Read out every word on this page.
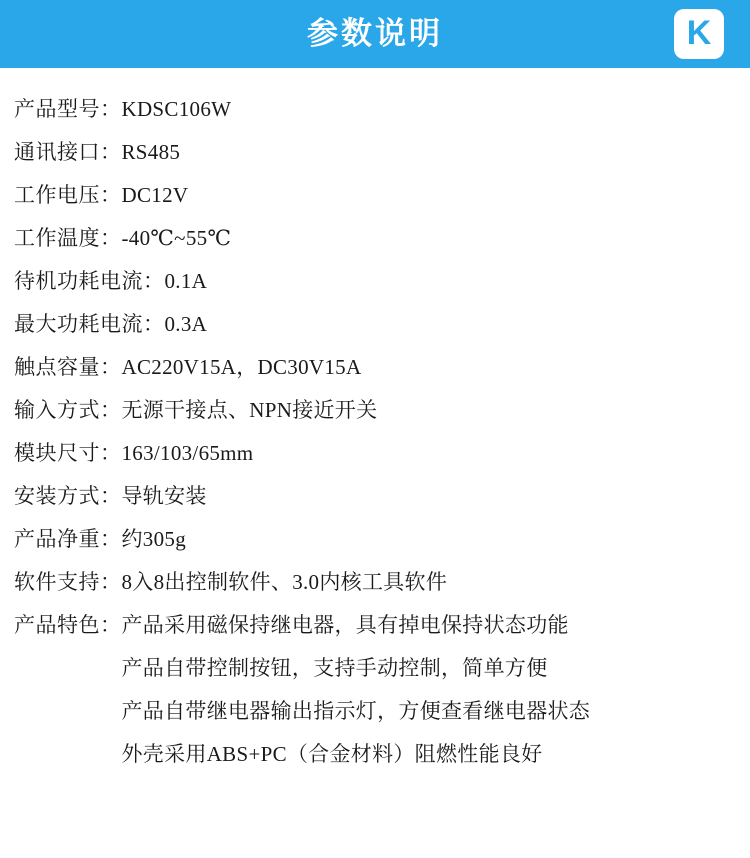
参数说明	K
产品型号： KDSC106W
通讯接口： RS485
工作电压： DC12V
工作温度： -40℃~55℃
待机功耗电流： 0.1A
最大功耗电流： 0.3A
触点容量： AC220V15A，DC30V15A
输入方式： 无源干接点、NPN接近开关
模块尺寸： 163/103/65mm
安装方式： 导轨安装
产品净重： 约305g
软件支持： 8入8出控制软件、3.0内核工具软件
产品特色： 产品采用磁保持继电器，具有掉电保持状态功能
产品自带控制按钮，支持手动控制，简单方便
产品自带继电器输出指示灯，方便查看继电器状态
外壳采用ABS+PC（合金材料）阻燃性能良好
